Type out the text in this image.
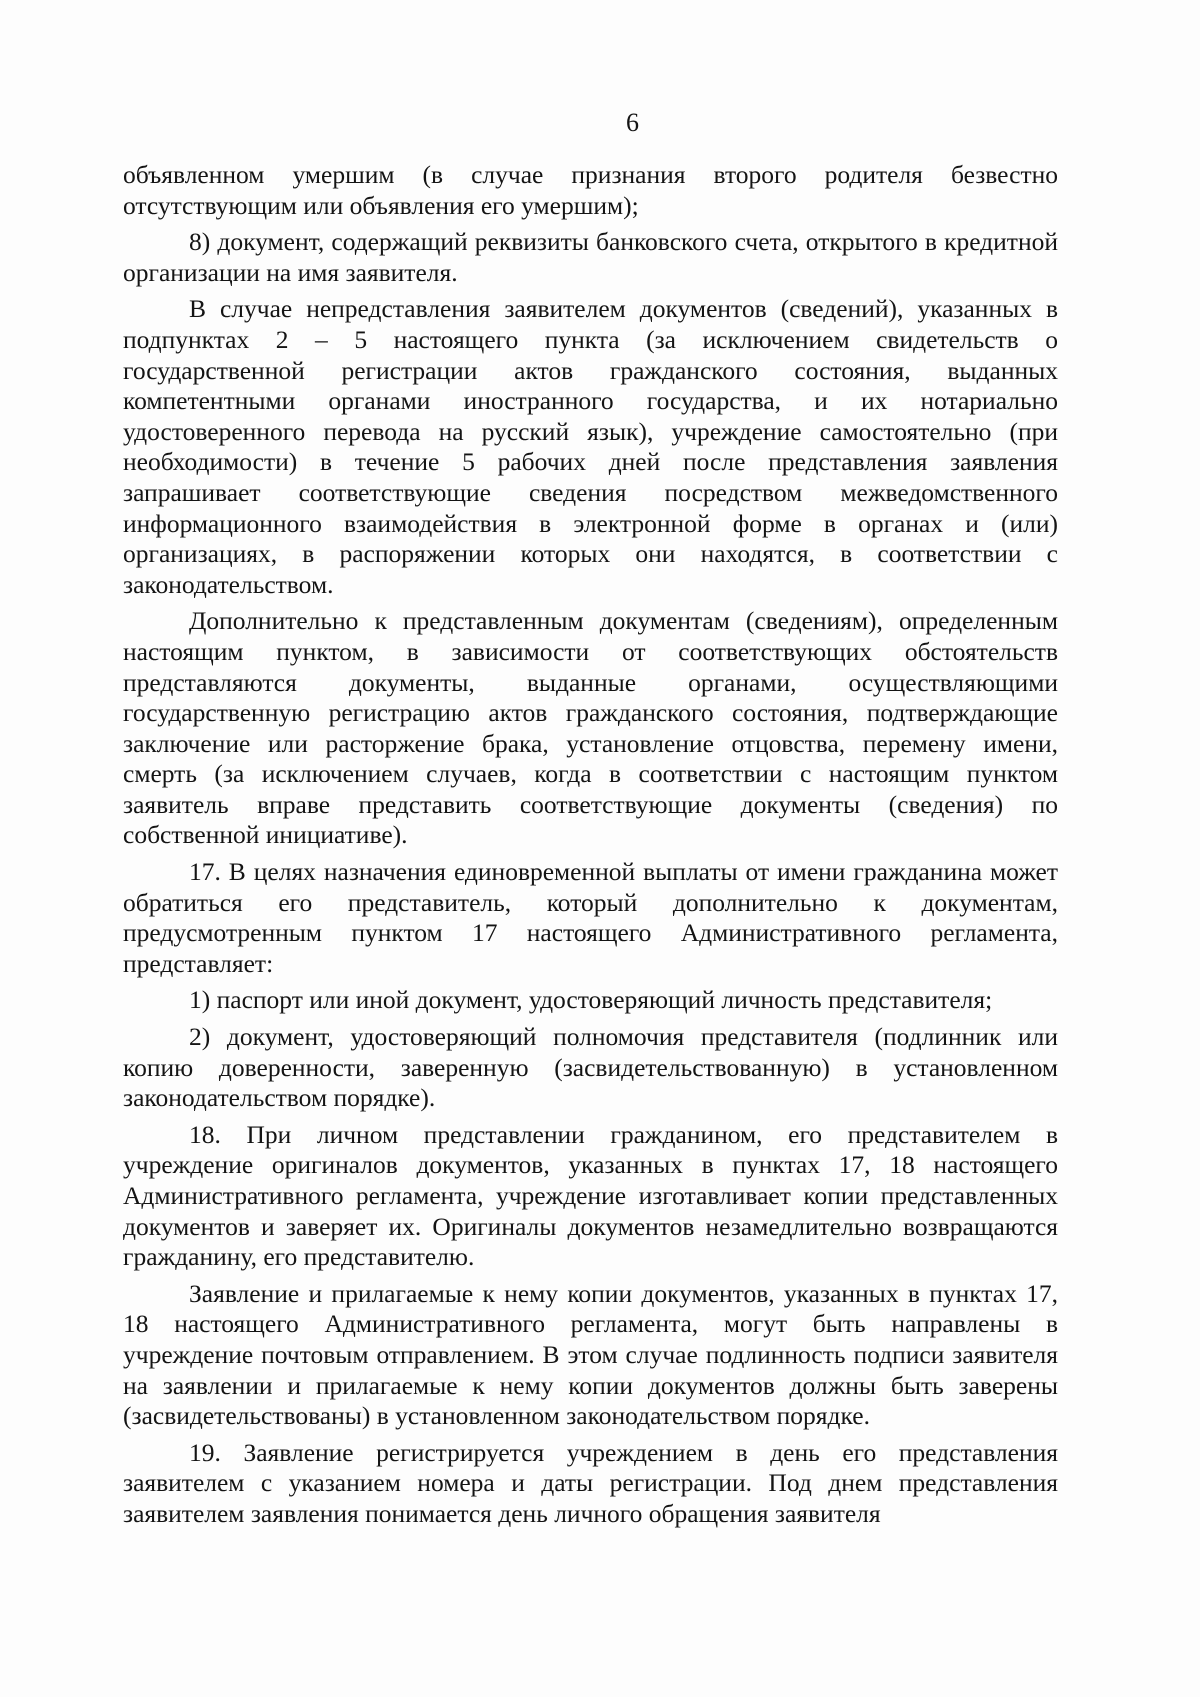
6

объявленном умершим (в случае признания второго родителя безвестно отсутствующим или объявления его умершим);

8) документ, содержащий реквизиты банковского счета, открытого в кредитной организации на имя заявителя.

В случае непредставления заявителем документов (сведений), указанных в подпунктах 2 – 5 настоящего пункта (за исключением свидетельств о государственной регистрации актов гражданского состояния, выданных компетентными органами иностранного государства, и их нотариально удостоверенного перевода на русский язык), учреждение самостоятельно (при необходимости) в течение 5 рабочих дней после представления заявления запрашивает соответствующие сведения посредством межведомственного информационного взаимодействия в электронной форме в органах и (или) организациях, в распоряжении которых они находятся, в соответствии с законодательством.

Дополнительно к представленным документам (сведениям), определенным настоящим пунктом, в зависимости от соответствующих обстоятельств представляются документы, выданные органами, осуществляющими государственную регистрацию актов гражданского состояния, подтверждающие заключение или расторжение брака, установление отцовства, перемену имени, смерть (за исключением случаев, когда в соответствии с настоящим пунктом заявитель вправе представить соответствующие документы (сведения) по собственной инициативе).

17. В целях назначения единовременной выплаты от имени гражданина может обратиться его представитель, который дополнительно к документам, предусмотренным пунктом 17 настоящего Административного регламента, представляет:

1) паспорт или иной документ, удостоверяющий личность представителя;

2) документ, удостоверяющий полномочия представителя (подлинник или копию доверенности, заверенную (засвидетельствованную) в установленном законодательством порядке).

18. При личном представлении гражданином, его представителем в учреждение оригиналов документов, указанных в пунктах 17, 18 настоящего Административного регламента, учреждение изготавливает копии представленных документов и заверяет их. Оригиналы документов незамедлительно возвращаются гражданину, его представителю.

Заявление и прилагаемые к нему копии документов, указанных в пунктах 17, 18 настоящего Административного регламента, могут быть направлены в учреждение почтовым отправлением. В этом случае подлинность подписи заявителя на заявлении и прилагаемые к нему копии документов должны быть заверены (засвидетельствованы) в установленном законодательством порядке.

19. Заявление регистрируется учреждением в день его представления заявителем с указанием номера и даты регистрации. Под днем представления заявителем заявления понимается день личного обращения заявителя
